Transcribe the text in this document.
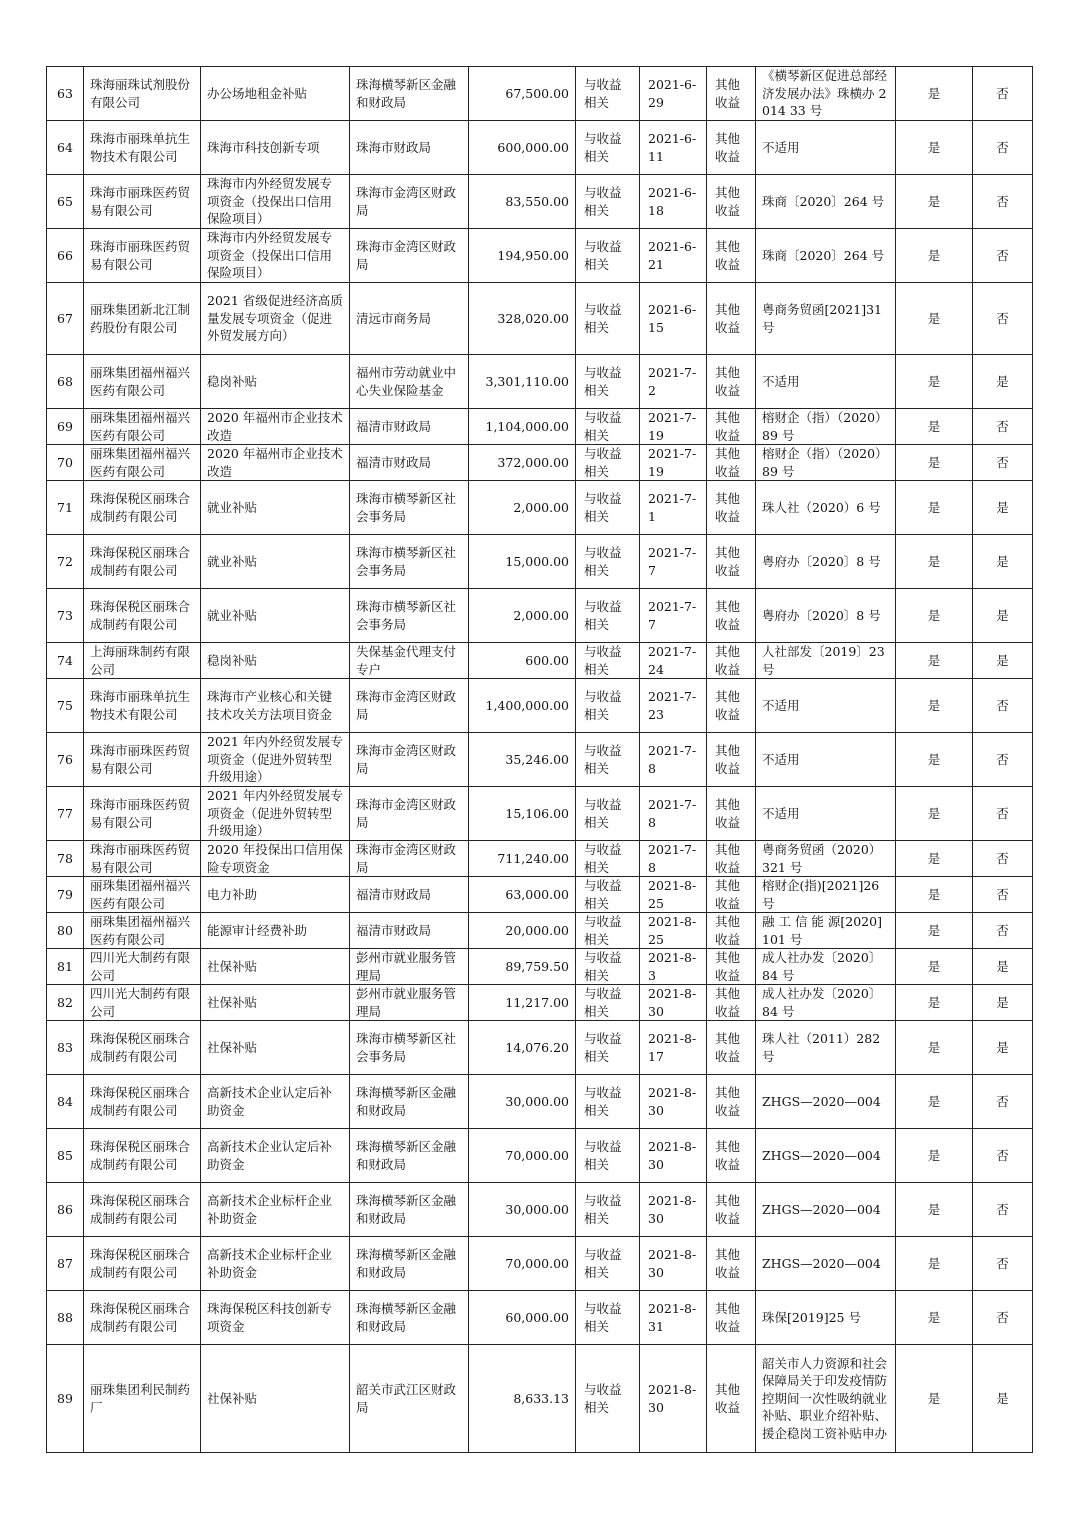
63	珠海丽珠试剂股份有限公司	办公场地租金补贴	珠海横琴新区金融和财政局	67,500.00	与收益相关	2021-6-29	其他收益	《横琴新区促进总部经济发展办法》珠横办 2014 33 号	是	否
64	珠海市丽珠单抗生物技术有限公司	珠海市科技创新专项	珠海市财政局	600,000.00	与收益相关	2021-6-11	其他收益	不适用	是	否
65	珠海市丽珠医药贸易有限公司	珠海市内外经贸发展专项资金（投保出口信用保险项目）	珠海市金湾区财政局	83,550.00	与收益相关	2021-6-18	其他收益	珠商〔2020〕264 号	是	否
66	珠海市丽珠医药贸易有限公司	珠海市内外经贸发展专项资金（投保出口信用保险项目）	珠海市金湾区财政局	194,950.00	与收益相关	2021-6-21	其他收益	珠商〔2020〕264 号	是	否
67	丽珠集团新北江制药股份有限公司	2021 省级促进经济高质量发展专项资金（促进外贸发展方向）	清远市商务局	328,020.00	与收益相关	2021-6-15	其他收益	粤商务贸函[2021]31 号	是	否
68	丽珠集团福州福兴医药有限公司	稳岗补贴	福州市劳动就业中心失业保险基金	3,301,110.00	与收益相关	2021-7-2	其他收益	不适用	是	是
69	丽珠集团福州福兴医药有限公司	2020 年福州市企业技术改造	福清市财政局	1,104,000.00	与收益相关	2021-7-19	其他收益	榕财企（指）（2020）89 号	是	否
70	丽珠集团福州福兴医药有限公司	2020 年福州市企业技术改造	福清市财政局	372,000.00	与收益相关	2021-7-19	其他收益	榕财企（指）（2020）89 号	是	否
71	珠海保税区丽珠合成制药有限公司	就业补贴	珠海市横琴新区社会事务局	2,000.00	与收益相关	2021-7-1	其他收益	珠人社（2020）6 号	是	是
72	珠海保税区丽珠合成制药有限公司	就业补贴	珠海市横琴新区社会事务局	15,000.00	与收益相关	2021-7-7	其他收益	粤府办〔2020〕8 号	是	是
73	珠海保税区丽珠合成制药有限公司	就业补贴	珠海市横琴新区社会事务局	2,000.00	与收益相关	2021-7-7	其他收益	粤府办〔2020〕8 号	是	是
74	上海丽珠制药有限公司	稳岗补贴	失保基金代理支付专户	600.00	与收益相关	2021-7-24	其他收益	人社部发〔2019〕23 号	是	是
75	珠海市丽珠单抗生物技术有限公司	珠海市产业核心和关键技术攻关方法项目资金	珠海市金湾区财政局	1,400,000.00	与收益相关	2021-7-23	其他收益	不适用	是	否
76	珠海市丽珠医药贸易有限公司	2021 年内外经贸发展专项资金（促进外贸转型升级用途）	珠海市金湾区财政局	35,246.00	与收益相关	2021-7-8	其他收益	不适用	是	否
77	珠海市丽珠医药贸易有限公司	2021 年内外经贸发展专项资金（促进外贸转型升级用途）	珠海市金湾区财政局	15,106.00	与收益相关	2021-7-8	其他收益	不适用	是	否
78	珠海市丽珠医药贸易有限公司	2020 年投保出口信用保险专项资金	珠海市金湾区财政局	711,240.00	与收益相关	2021-7-8	其他收益	粤商务贸函（2020）321 号	是	否
79	丽珠集团福州福兴医药有限公司	电力补助	福清市财政局	63,000.00	与收益相关	2021-8-25	其他收益	榕财企(指)[2021]26 号	是	否
80	丽珠集团福州福兴医药有限公司	能源审计经费补助	福清市财政局	20,000.00	与收益相关	2021-8-25	其他收益	融 工 信 能 源[2020]101 号	是	否
81	四川光大制药有限公司	社保补贴	彭州市就业服务管理局	89,759.50	与收益相关	2021-8-3	其他收益	成人社办发〔2020〕84 号	是	是
82	四川光大制药有限公司	社保补贴	彭州市就业服务管理局	11,217.00	与收益相关	2021-8-30	其他收益	成人社办发〔2020〕84 号	是	是
83	珠海保税区丽珠合成制药有限公司	社保补贴	珠海市横琴新区社会事务局	14,076.20	与收益相关	2021-8-17	其他收益	珠人社（2011）282 号	是	是
84	珠海保税区丽珠合成制药有限公司	高新技术企业认定后补助资金	珠海横琴新区金融和财政局	30,000.00	与收益相关	2021-8-30	其他收益	ZHGS—2020—004	是	否
85	珠海保税区丽珠合成制药有限公司	高新技术企业认定后补助资金	珠海横琴新区金融和财政局	70,000.00	与收益相关	2021-8-30	其他收益	ZHGS—2020—004	是	否
86	珠海保税区丽珠合成制药有限公司	高新技术企业标杆企业补助资金	珠海横琴新区金融和财政局	30,000.00	与收益相关	2021-8-30	其他收益	ZHGS—2020—004	是	否
87	珠海保税区丽珠合成制药有限公司	高新技术企业标杆企业补助资金	珠海横琴新区金融和财政局	70,000.00	与收益相关	2021-8-30	其他收益	ZHGS—2020—004	是	否
88	珠海保税区丽珠合成制药有限公司	珠海保税区科技创新专项资金	珠海横琴新区金融和财政局	60,000.00	与收益相关	2021-8-31	其他收益	珠保[2019]25 号	是	否
89	丽珠集团利民制药厂	社保补贴	韶关市武江区财政局	8,633.13	与收益相关	2021-8-30	其他收益	韶关市人力资源和社会保障局关于印发疫情防控期间一次性吸纳就业补贴、职业介绍补贴、援企稳岗工资补贴申办	是	是
